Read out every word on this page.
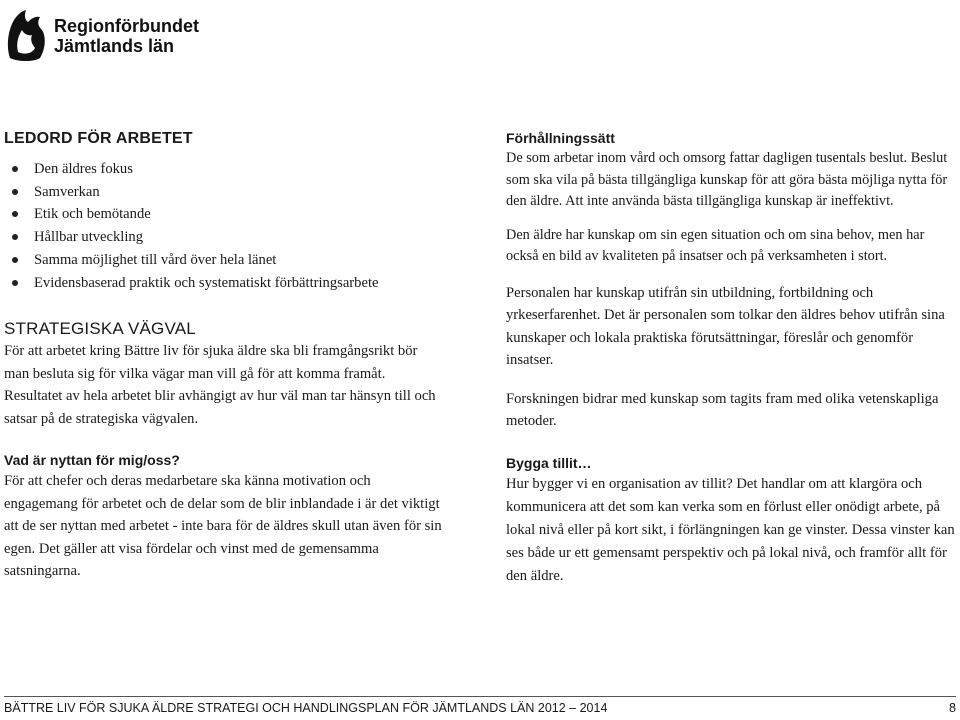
Regionförbundet
Jämtlands län
LEDORD FÖR ARBETET
Den äldres fokus
Samverkan
Etik och bemötande
Hållbar utveckling
Samma möjlighet till vård över hela länet
Evidensbaserad praktik och systematiskt förbättringsarbete
STRATEGISKA VÄGVAL

För att arbetet kring Bättre liv för sjuka äldre ska bli framgångsrikt bör man besluta sig för vilka vägar man vill gå för att komma framåt.

Resultatet av hela arbetet blir avhängigt av hur väl man tar hänsyn till och satsar på de strategiska vägvalen.

Vad är nyttan för mig/oss?

För att chefer och deras medarbetare ska känna motivation och engagemang för arbetet och de delar som de blir inblandade i är det viktigt att de ser nyttan med arbetet - inte bara för de äldres skull utan även för sin egen. Det gäller att visa fördelar och vinst med de gemensamma satsningarna.

Förhållningssätt

De som arbetar inom vård och omsorg fattar dagligen tusentals beslut. Beslut som ska vila på bästa tillgängliga kunskap för att göra bästa möjliga nytta för den äldre. Att inte använda bästa tillgängliga kunskap är ineffektivt.

Den äldre har kunskap om sin egen situation och om sina behov, men har också en bild av kvaliteten på insatser och på verksamheten i stort.

Personalen har kunskap utifrån sin utbildning, fortbildning och yrkeserfarenhet. Det är personalen som tolkar den äldres behov utifrån sina kunskaper och lokala praktiska förutsättningar, föreslår och genomför insatser.

Forskningen bidrar med kunskap som tagits fram med olika vetenskapliga metoder.

Bygga tillit…

Hur bygger vi en organisation av tillit? Det handlar om att klargöra och kommunicera att det som kan verka som en förlust eller onödigt arbete, på lokal nivå eller på kort sikt, i förlängningen kan ge vinster. Dessa vinster kan ses både ur ett gemensamt perspektiv och på lokal nivå, och framför allt för den äldre.

BÄTTRE LIV FÖR SJUKA ÄLDRE STRATEGI OCH HANDLINGSPLAN FÖR JÄMTLANDS LÄN 2012 – 2014	8
